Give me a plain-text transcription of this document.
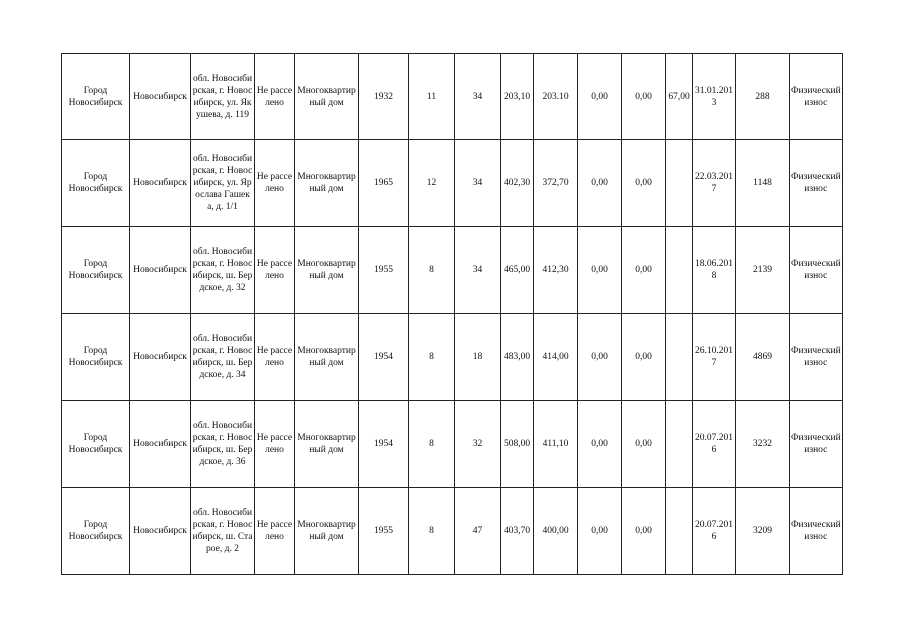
Город Новосибирск	Новосибирск	обл. Новосибирская, г. Новосибирск, ул. Якушева, д. 119	Не расселено	Многоквартирный дом	1932	11	34	203,10	203.10	0,00	0,00	67,00	31.01.2013	288	Физический износ
Город Новосибирск	Новосибирск	обл. Новосибирская, г. Новосибирск, ул. Ярослава Гашека, д. 1/1	Не расселено	Многоквартирный дом	1965	12	34	402,30	372,70	0,00	0,00		22.03.2017	1148	Физический износ
Город Новосибирск	Новосибирск	обл. Новосибирская, г. Новосибирск, ш. Бердское, д. 32	Не расселено	Многоквартирный дом	1955	8	34	465,00	412,30	0,00	0,00		18.06.2018	2139	Физический износ
Город Новосибирск	Новосибирск	обл. Новосибирская, г. Новосибирск, ш. Бердское, д. 34	Не расселено	Многоквартирный дом	1954	8	18	483,00	414,00	0,00	0,00		26.10.2017	4869	Физический износ
Город Новосибирск	Новосибирск	обл. Новосибирская, г. Новосибирск, ш. Бердское, д. 36	Не расселено	Многоквартирный дом	1954	8	32	508,00	411,10	0,00	0,00		20.07.2016	3232	Физический износ
Город Новосибирск	Новосибирск	обл. Новосибирская, г. Новосибирск, ш. Старое, д. 2	Не расселено	Многоквартирный дом	1955	8	47	403,70	400,00	0,00	0,00		20.07.2016	3209	Физический износ
